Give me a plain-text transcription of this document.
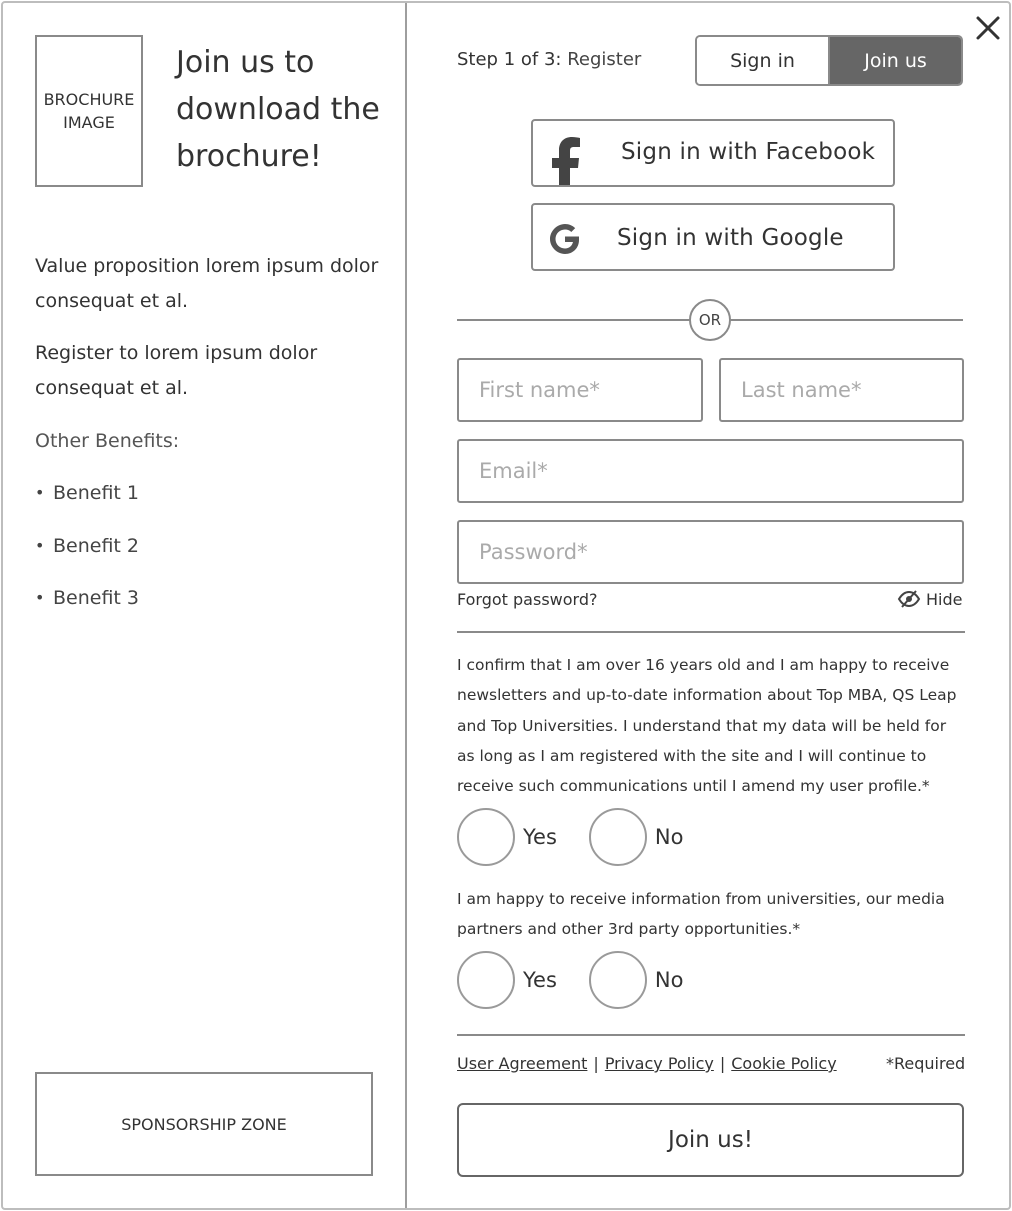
BROCHURE IMAGE
Join us to download the brochure!

Value proposition lorem ipsum dolor consequat et al.

Register to lorem ipsum dolor consequat et al.

Other Benefits:

• Benefit 1
• Benefit 2
• Benefit 3
SPONSORSHIP ZONE
Step 1 of 3: Register	Sign in	Join us
Sign in with Facebook
Sign in with Google
OR
First name*
Last name*
Email*
Forgot password?	Hide

I confirm that I am over 16 years old and I am happy to receive newsletters and up-to-date information about Top MBA, QS Leap and Top Universities. I understand that my data will be held for as long as I am registered with the site and I will continue to receive such communications until I amend my user profile.*

Yes	No

I am happy to receive information from universities, our media partners and other 3rd party opportunities.*

Yes	No
User Agreement | Privacy Policy | Cookie Policy	*Required
Join us!
